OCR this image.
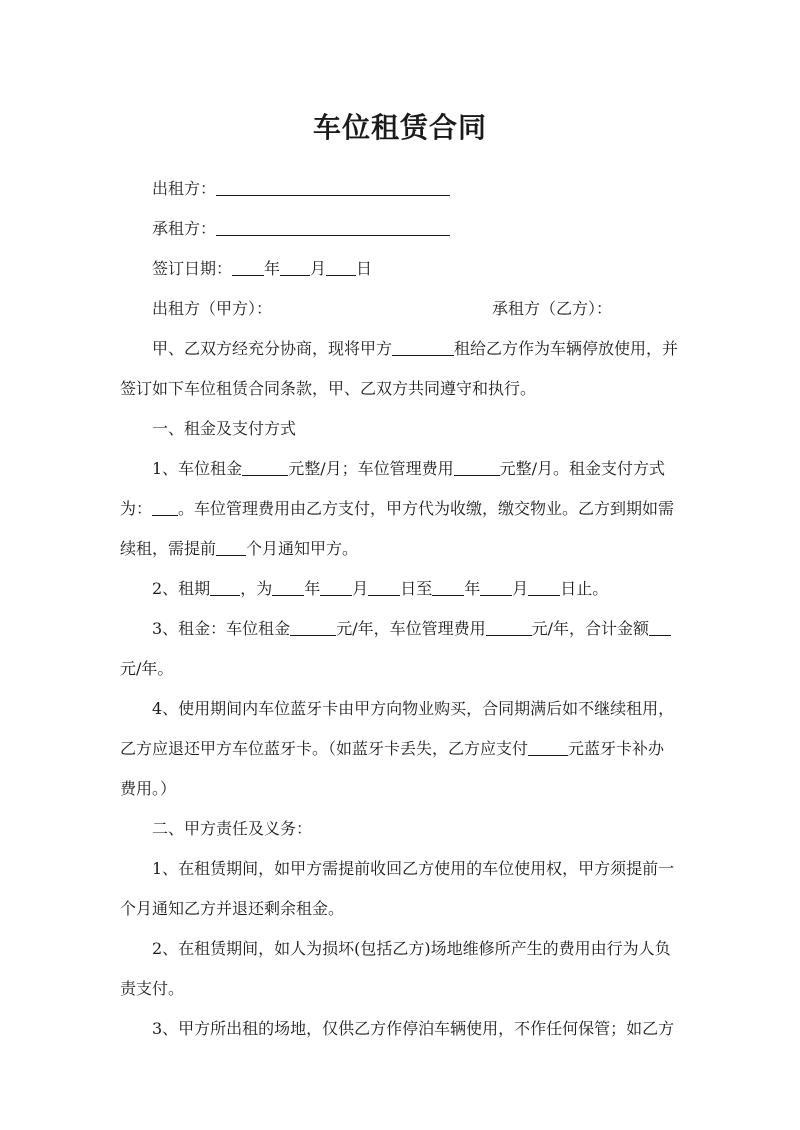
车位租赁合同
出租方：
承租方：
签订日期： 年 月 日
出租方（甲方）：	承租方（乙方）：
甲、乙双方经充分协商，现将甲方	租给乙方作为车辆停放使用，并
签订如下车位租赁合同条款，甲、乙双方共同遵守和执行。
一、租金及支付方式
1、车位租金	元整/月；车位管理费用	元整/月。租金支付方式
为： 。车位管理费用由乙方支付，甲方代为收缴，缴交物业。乙方到期如需
续租，需提前 个月通知甲方。
2、租期 ，为 年 月 日至 年 月 日止。
3、租金：车位租金	元/年，车位管理费用	元/年，合计金额
元/年。
4、使用期间内车位蓝牙卡由甲方向物业购买，合同期满后如不继续租用，
乙方应退还甲方车位蓝牙卡。（如蓝牙卡丢失，乙方应支付	元蓝牙卡补办
费用。）
二、甲方责任及义务：
1、在租赁期间，如甲方需提前收回乙方使用的车位使用权，甲方须提前一
个月通知乙方并退还剩余租金。
2、在租赁期间，如人为损坏(包括乙方)场地维修所产生的费用由行为人负
责支付。
3、甲方所出租的场地，仅供乙方作停泊车辆使用，不作任何保管；如乙方
